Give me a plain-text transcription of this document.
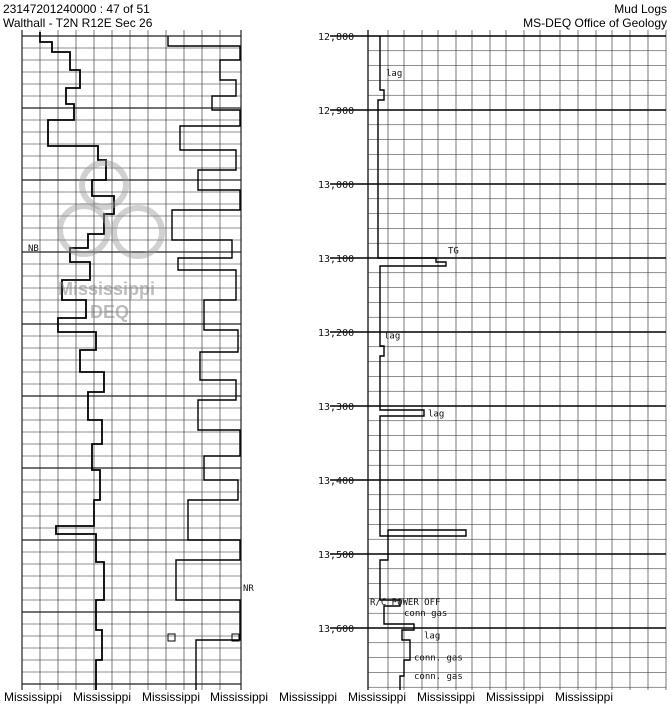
23147201240000 : 47 of 51
Walthall - T2N R12E Sec 26
Mud Logs
MS-DEQ Office of Geology
NB
NR
Mississippi
DEQ
12,800
12,900
13,000
13,100
13,200
13,300
13,400
13,500
13,600
lag
TG
lag
lag
R/C POWER OFF
conn gas
lag
conn. gas
conn. gas
Mississippi Mississippi Mississippi Mississippi Mississippi Mississippi Mississippi Mississippi Mississippi
